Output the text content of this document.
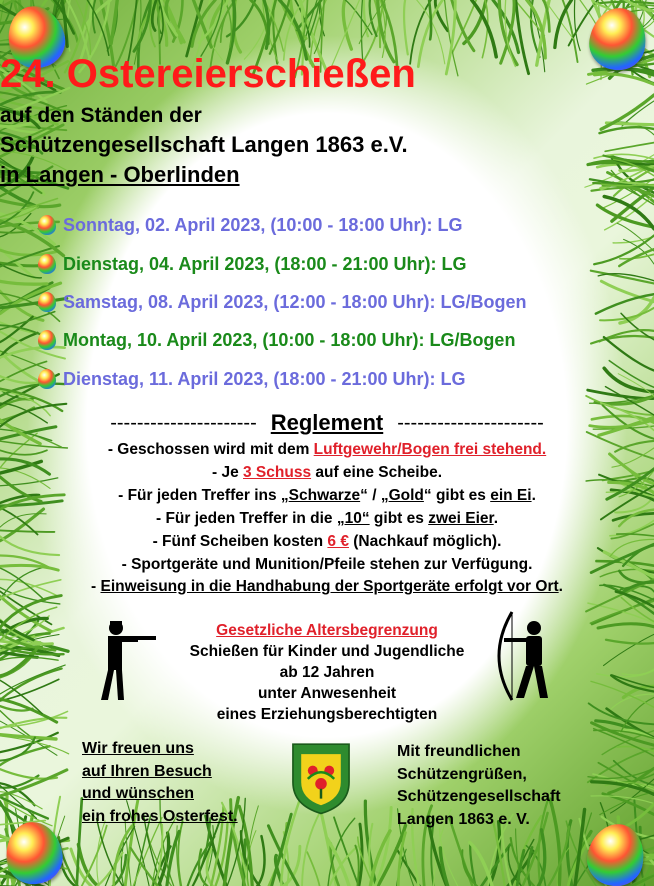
24. Ostereierschießen
auf den Ständen der
Schützengesellschaft Langen 1863 e.V.
in Langen - Oberlinden
Sonntag, 02. April 2023, (10:00 - 18:00 Uhr): LG
Dienstag, 04. April 2023, (18:00 - 21:00 Uhr): LG
Samstag, 08. April 2023, (12:00 - 18:00 Uhr): LG/Bogen
Montag, 10. April 2023, (10:00 - 18:00 Uhr): LG/Bogen
Dienstag, 11. April 2023, (18:00 - 21:00 Uhr): LG
---------------------- Reglement ----------------------
- Geschossen wird mit dem Luftgewehr/Bogen frei stehend.
- Je 3 Schuss auf eine Scheibe.
- Für jeden Treffer ins „Schwarze“ / „Gold“ gibt es ein Ei.
- Für jeden Treffer in die „10“ gibt es zwei Eier.
- Fünf Scheiben kosten 6 € (Nachkauf möglich).
- Sportgeräte und Munition/Pfeile stehen zur Verfügung.
- Einweisung in die Handhabung der Sportgeräte erfolgt vor Ort.
Gesetzliche Altersbegrenzung
Schießen für Kinder und Jugendliche
ab 12 Jahren
unter Anwesenheit
eines Erziehungsberechtigten
Wir freuen uns
auf Ihren Besuch
und wünschen
ein frohes Osterfest.
Mit freundlichen
Schützengrüßen,
Schützengesellschaft
Langen 1863 e. V.
